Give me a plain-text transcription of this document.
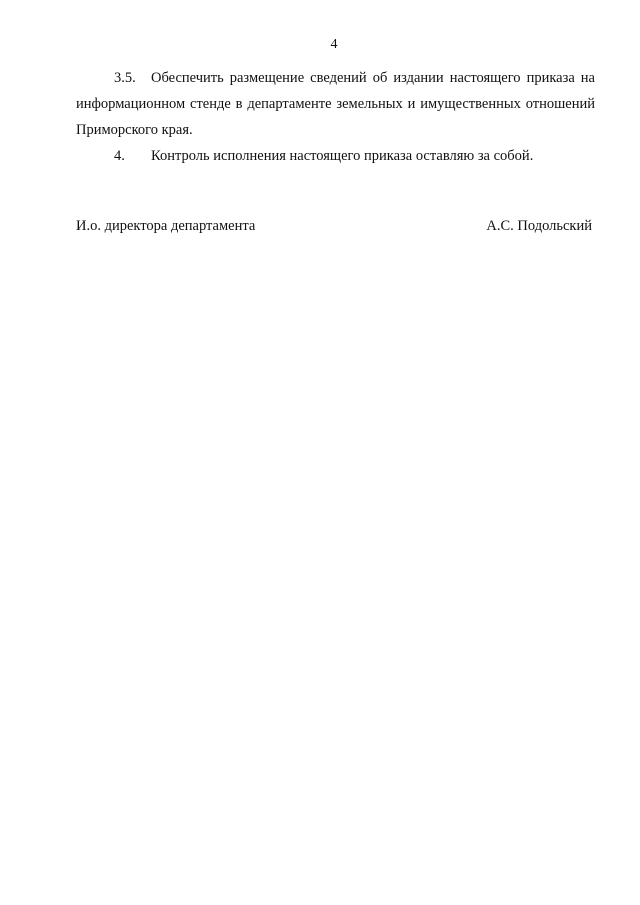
4
3.5. Обеспечить размещение сведений об издании настоящего приказа на информационном стенде в департаменте земельных и имущественных отношений Приморского края.
4. Контроль исполнения настоящего приказа оставляю за собой.
И.о. директора департамента	А.С. Подольский
